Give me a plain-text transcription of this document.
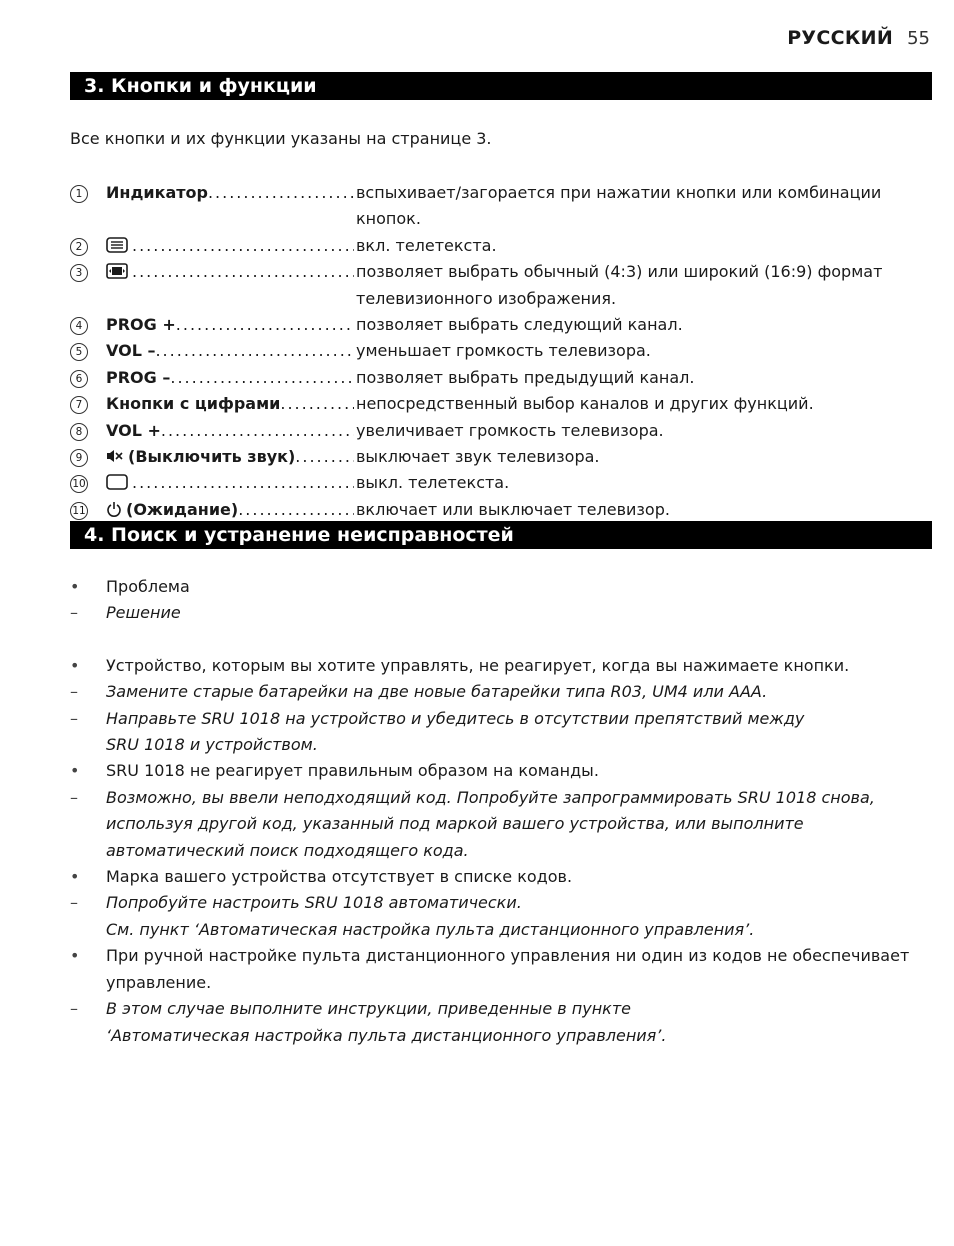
РУССКИЙ 55
3. Кнопки и функции
Все кнопки и их функции указаны на странице 3.
1	Индикатор .....	вспыхивает/загорается при нажатии кнопки или комбинации кнопок.
2 .....	вкл. телетекста.
3 .....	позволяет выбрать обычный (4:3) или широкий (16:9) формат телевизионного изображения.
4	PROG + .....	позволяет выбрать следующий канал.
5	VOL – .....	уменьшает громкость телевизора.
6	PROG – .....	позволяет выбрать предыдущий канал.
7	Кнопки с цифрами .....	непосредственный выбор каналов и других функций.
8	VOL + .....	увеличивает громкость телевизора.
9	(Выключить звук) .....	выключает звук телевизора.
10 .....	выкл. телетекста.
11	(Ожидание) .....	включает или выключает телевизор.
4. Поиск и устранение неисправностей
•	Проблема
–	Решение
•	Устройство, которым вы хотите управлять, не реагирует, когда вы нажимаете кнопки.
–	Замените старые батарейки на две новые батарейки типа R03, UM4 или AAA.
–	Направьте SRU 1018 на устройство и убедитесь в отсутствии препятствий между
SRU 1018 и устройством.
•	SRU 1018 не реагирует правильным образом на команды.
–	Возможно, вы ввели неподходящий код. Попробуйте запрограммировать SRU 1018 снова,
используя другой код, указанный под маркой вашего устройства, или выполните
автоматический поиск подходящего кода.
•	Марка вашего устройства отсутствует в списке кодов.
–	Попробуйте настроить SRU 1018 автоматически.
См. пункт ‘Автоматическая настройка пульта дистанционного управления’.
•	При ручной настройке пульта дистанционного управления ни один из кодов не обеспечивает
управление.
–	В этом случае выполните инструкции, приведенные в пункте
‘Автоматическая настройка пульта дистанционного управления’.
